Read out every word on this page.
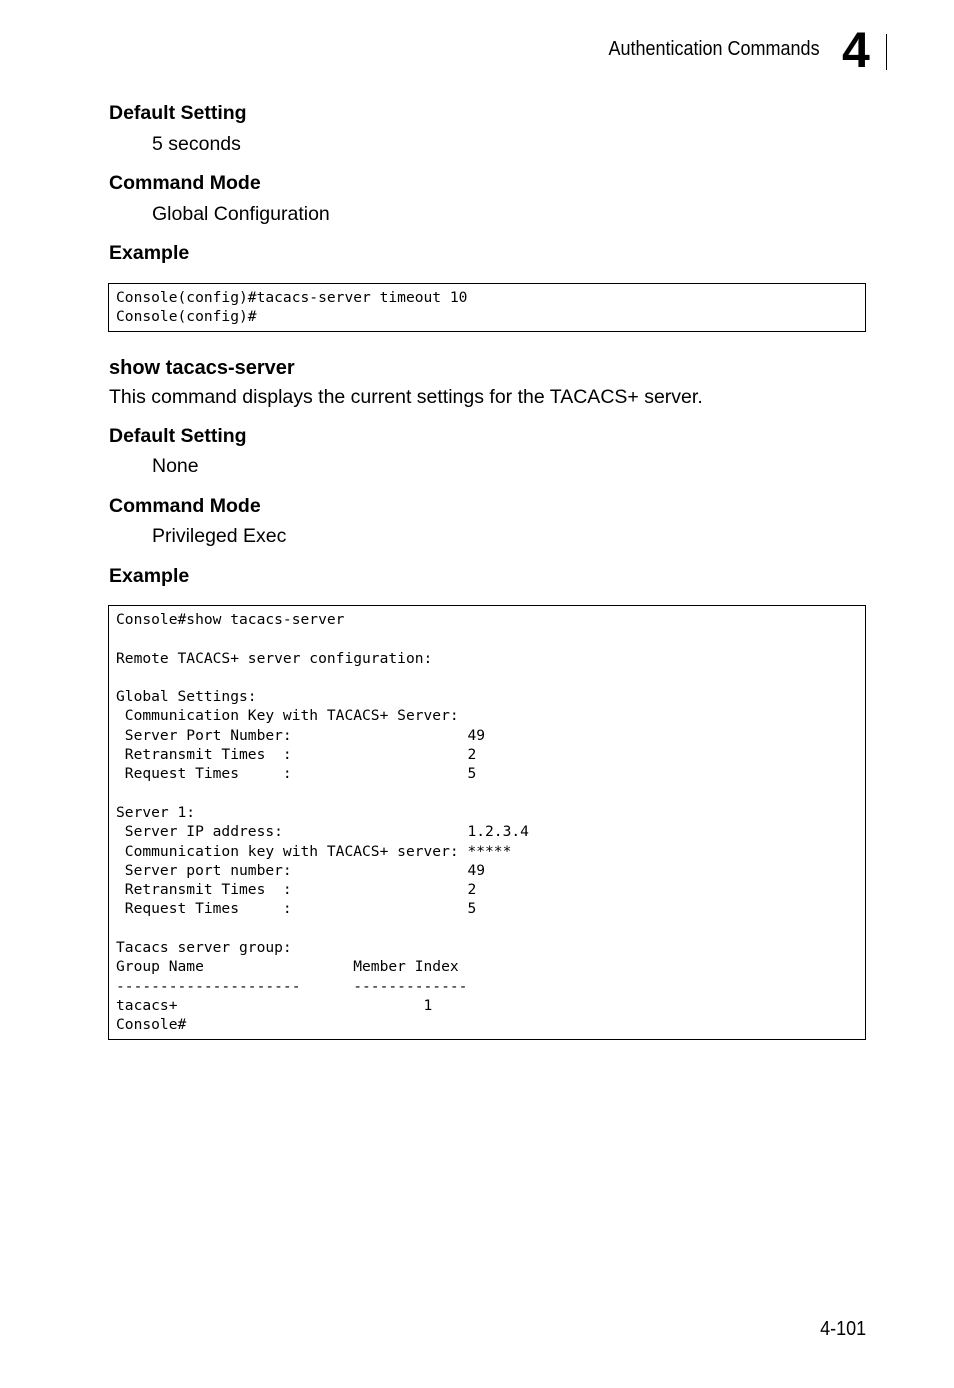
Authentication Commands 4
Default Setting
5 seconds
Command Mode
Global Configuration
Example
Console(config)#tacacs-server timeout 10
Console(config)#
show tacacs-server
This command displays the current settings for the TACACS+ server.
Default Setting
None
Command Mode
Privileged Exec
Example
Console#show tacacs-server

Remote TACACS+ server configuration:

Global Settings:
Communication Key with TACACS+ Server:
Server Port Number:                    49
Retransmit Times  :                    2
Request Times     :                    5

Server 1:
Server IP address:                     1.2.3.4
Communication key with TACACS+ server: *****
Server port number:                    49
Retransmit Times  :                    2
Request Times     :                    5

Tacacs server group:
Group Name                 Member Index
---------------------      -------------
tacacs+                            1
Console#
4-101
